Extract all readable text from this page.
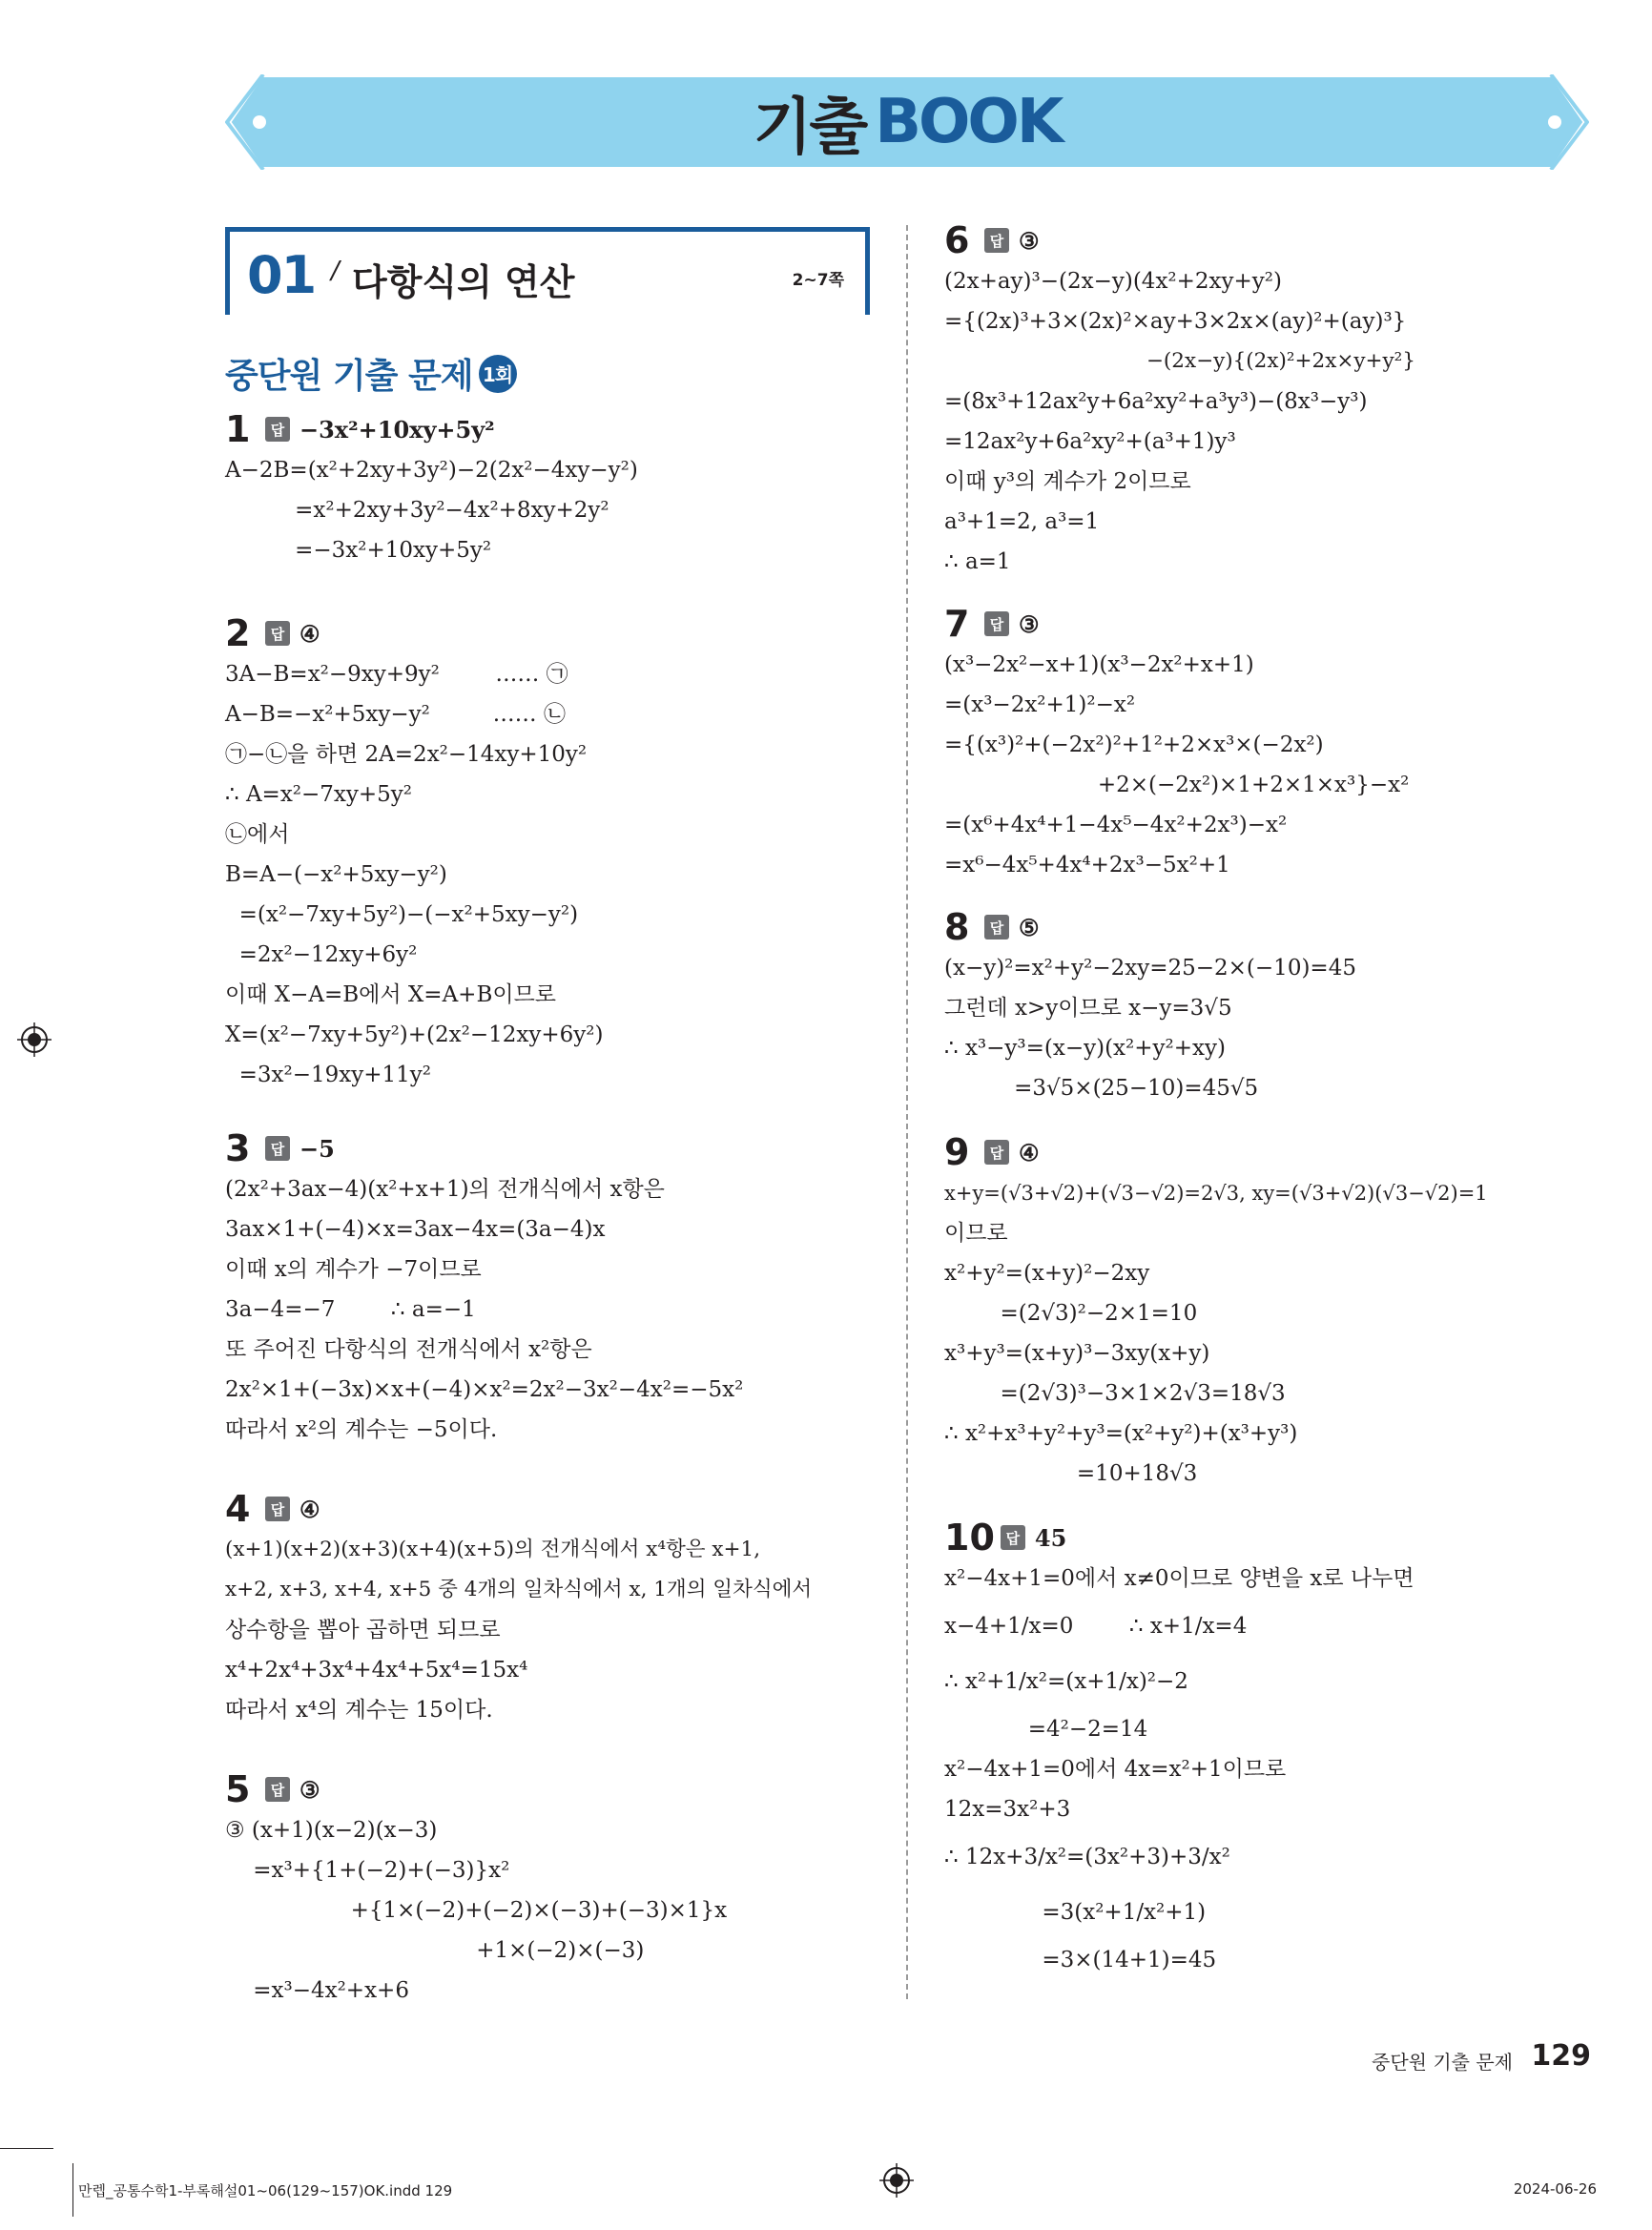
기출 BOOK
01 / 다항식의 연산	2~7쪽
중단원 기출 문제 1회
1	답 −3x²+10xy+5y²
A−2B=(x²+2xy+3y²)−2(2x²−4xy−y²)
=x²+2xy+3y²−4x²+8xy+2y²
=−3x²+10xy+5y²
2	답 ④
3A−B=x²−9xy+9y²        …… ㉠
A−B=−x²+5xy−y²         …… ㉡
㉠−㉡을 하면 2A=2x²−14xy+10y²
∴ A=x²−7xy+5y²
㉡에서
B=A−(−x²+5xy−y²)
=(x²−7xy+5y²)−(−x²+5xy−y²)
=2x²−12xy+6y²
이때 X−A=B에서 X=A+B이므로
X=(x²−7xy+5y²)+(2x²−12xy+6y²)
=3x²−19xy+11y²
3	답 −5
(2x²+3ax−4)(x²+x+1)의 전개식에서 x항은
3ax×1+(−4)×x=3ax−4x=(3a−4)x
이때 x의 계수가 −7이므로
3a−4=−7        ∴ a=−1
또 주어진 다항식의 전개식에서 x²항은
2x²×1+(−3x)×x+(−4)×x²=2x²−3x²−4x²=−5x²
따라서 x²의 계수는 −5이다.
4	답 ④
(x+1)(x+2)(x+3)(x+4)(x+5)의 전개식에서 x⁴항은 x+1,
x+2, x+3, x+4, x+5 중 4개의 일차식에서 x, 1개의 일차식에서
상수항을 뽑아 곱하면 되므로
x⁴+2x⁴+3x⁴+4x⁴+5x⁴=15x⁴
따라서 x⁴의 계수는 15이다.
5	답 ③
③ (x+1)(x−2)(x−3)
=x³+{1+(−2)+(−3)}x²
+{1×(−2)+(−2)×(−3)+(−3)×1}x
+1×(−2)×(−3)
=x³−4x²+x+6
6	답 ③
(2x+ay)³−(2x−y)(4x²+2xy+y²)
={(2x)³+3×(2x)²×ay+3×2x×(ay)²+(ay)³}
−(2x−y){(2x)²+2x×y+y²}
=(8x³+12ax²y+6a²xy²+a³y³)−(8x³−y³)
=12ax²y+6a²xy²+(a³+1)y³
이때 y³의 계수가 2이므로
a³+1=2, a³=1
∴ a=1
7	답 ③
(x³−2x²−x+1)(x³−2x²+x+1)
=(x³−2x²+1)²−x²
={(x³)²+(−2x²)²+1²+2×x³×(−2x²)
+2×(−2x²)×1+2×1×x³}−x²
=(x⁶+4x⁴+1−4x⁵−4x²+2x³)−x²
=x⁶−4x⁵+4x⁴+2x³−5x²+1
8	답 ⑤
(x−y)²=x²+y²−2xy=25−2×(−10)=45
그런데 x>y이므로 x−y=3√5
∴ x³−y³=(x−y)(x²+y²+xy)
=3√5×(25−10)=45√5
9	답 ④
x+y=(√3+√2)+(√3−√2)=2√3, xy=(√3+√2)(√3−√2)=1
이므로
x²+y²=(x+y)²−2xy
=(2√3)²−2×1=10
x³+y³=(x+y)³−3xy(x+y)
=(2√3)³−3×1×2√3=18√3
∴ x²+x³+y²+y³=(x²+y²)+(x³+y³)
=10+18√3
10 답 45
x²−4x+1=0에서 x≠0이므로 양변을 x로 나누면
x−4+1/x=0        ∴ x+1/x=4
∴ x²+1/x²=(x+1/x)²−2
=4²−2=14
x²−4x+1=0에서 4x=x²+1이므로
12x=3x²+3
∴ 12x+3/x²=(3x²+3)+3/x²
=3(x²+1/x²+1)
=3×(14+1)=45
중단원 기출 문제 129
만렙_공통수학1-부록해설01~06(129~157)OK.indd 129	2024-06-26
